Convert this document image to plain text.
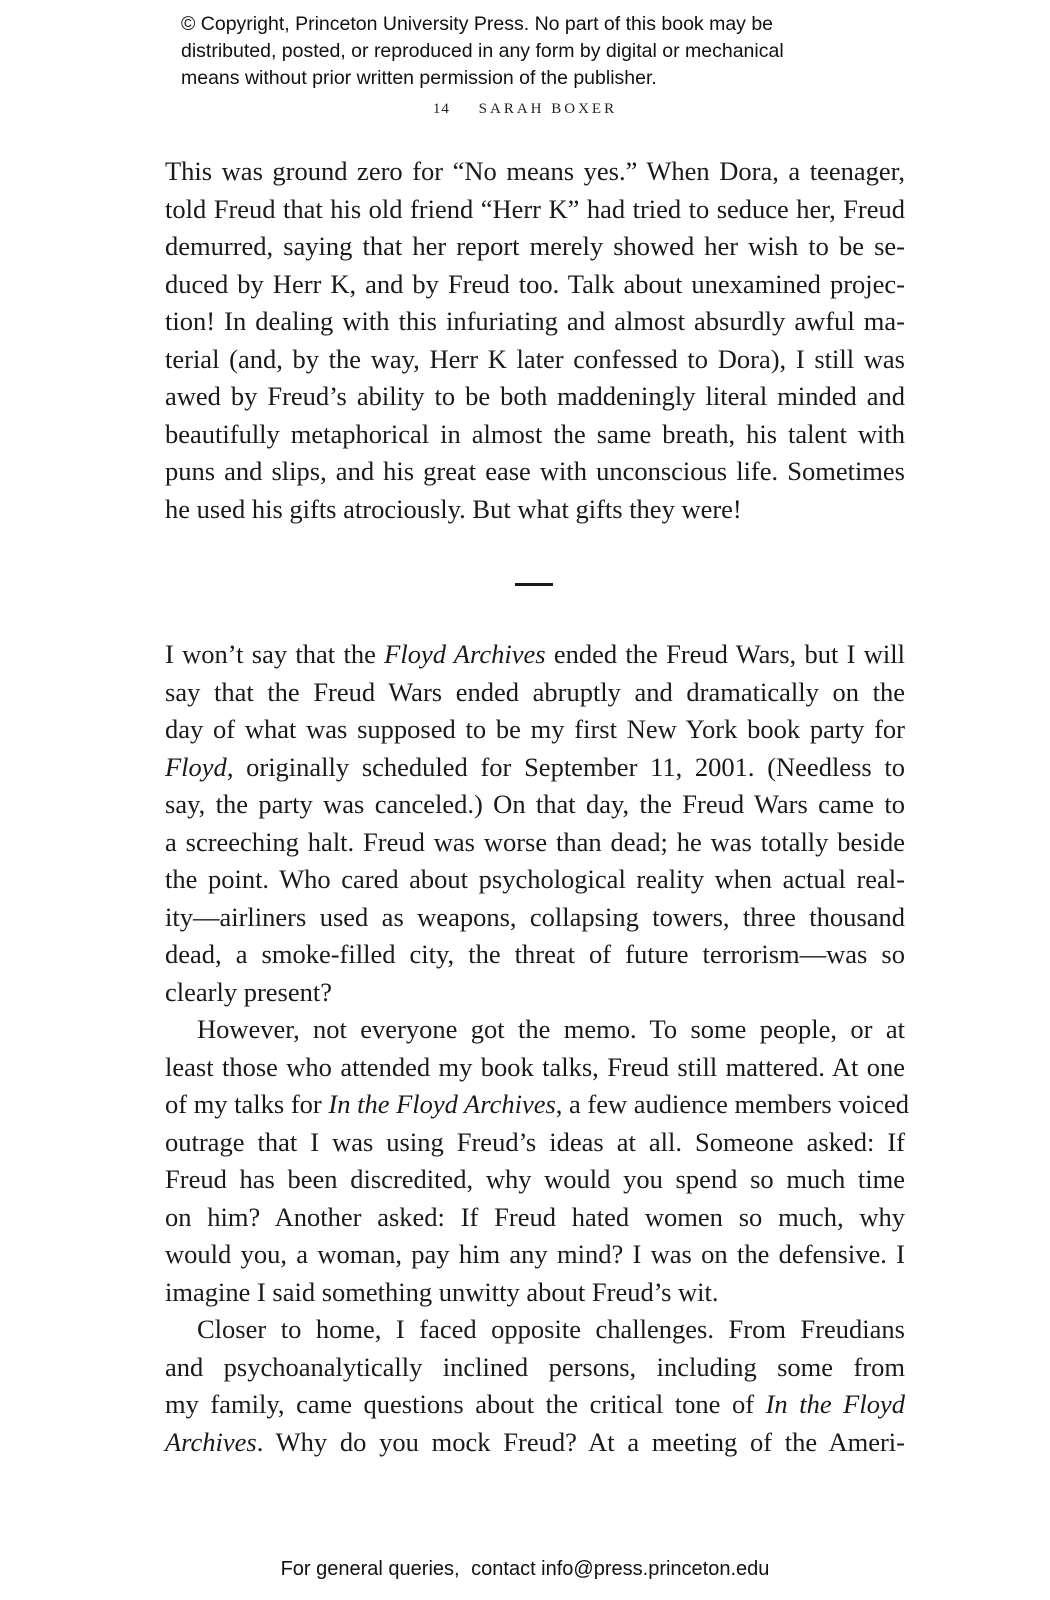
© Copyright, Princeton University Press. No part of this book may be
distributed, posted, or reproduced in any form by digital or mechanical
means without prior written permission of the publisher.
14 SARAH BOXER
This was ground zero for “No means yes.” When Dora, a teenager,
told Freud that his old friend “Herr K” had tried to seduce her, Freud
demurred, saying that her report merely showed her wish to be se-
duced by Herr K, and by Freud too. Talk about unexamined projec-
tion! In dealing with this infuriating and almost absurdly awful ma-
terial (and, by the way, Herr K later confessed to Dora), I still was
awed by Freud’s ability to be both maddeningly literal minded and
beautifully metaphorical in almost the same breath, his talent with
puns and slips, and his great ease with unconscious life. Sometimes
he used his gifts atrociously. But what gifts they were!
I won’t say that the Floyd Archives ended the Freud Wars, but I will
say that the Freud Wars ended abruptly and dramatically on the
day of what was supposed to be my first New York book party for
Floyd, originally scheduled for September 11, 2001. (Needless to
say, the party was canceled.) On that day, the Freud Wars came to
a screeching halt. Freud was worse than dead; he was totally beside
the point. Who cared about psychological reality when actual real-
ity—airliners used as weapons, collapsing towers, three thousand
dead, a smoke-filled city, the threat of future terrorism—was so
clearly present?
However, not everyone got the memo. To some people, or at
least those who attended my book talks, Freud still mattered. At one
of my talks for In the Floyd Archives, a few audience members voiced
outrage that I was using Freud’s ideas at all. Someone asked: If
Freud has been discredited, why would you spend so much time
on him? Another asked: If Freud hated women so much, why
would you, a woman, pay him any mind? I was on the defensive. I
imagine I said something unwitty about Freud’s wit.
Closer to home, I faced opposite challenges. From Freudians
and psychoanalytically inclined persons, including some from
my family, came questions about the critical tone of In the Floyd
Archives. Why do you mock Freud? At a meeting of the Ameri-
For general queries, contact info@press.princeton.edu
